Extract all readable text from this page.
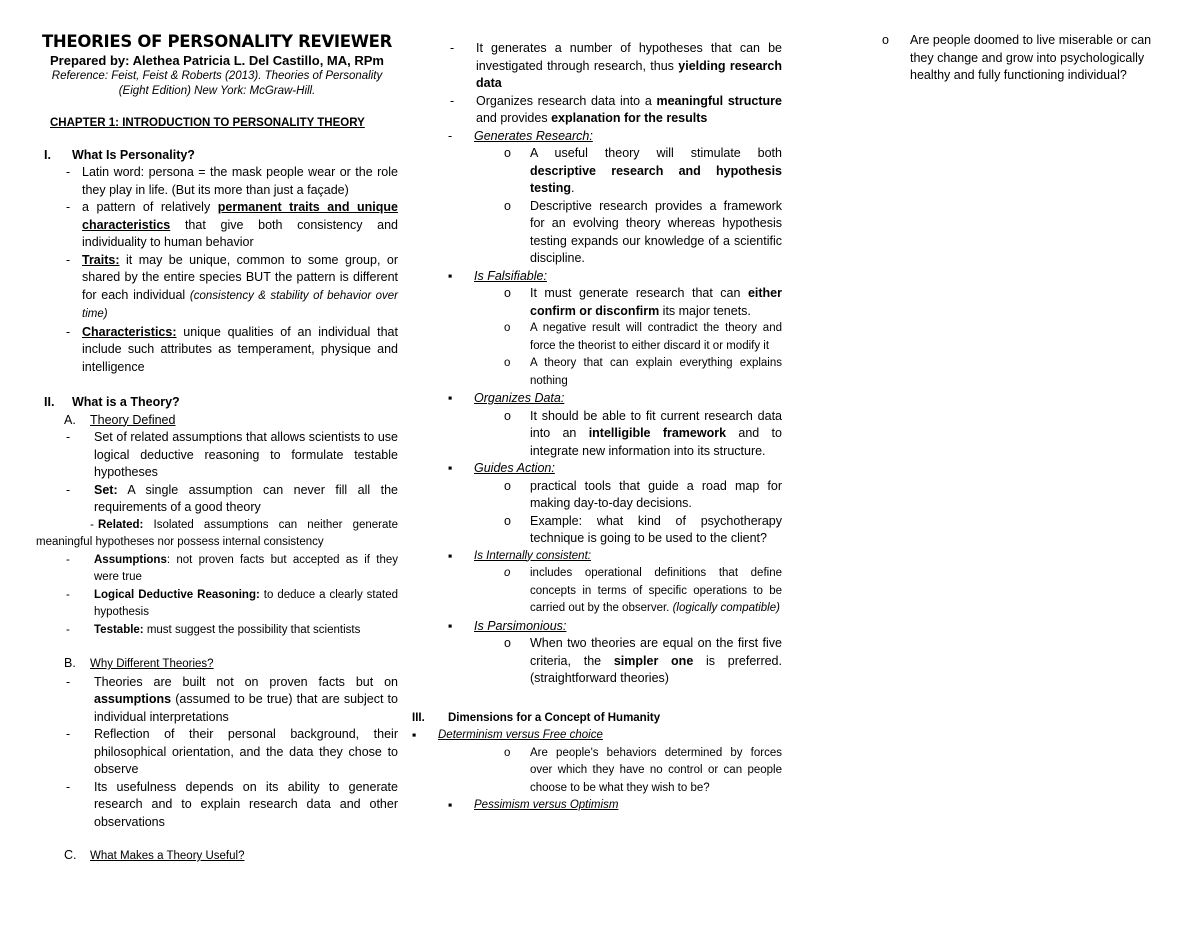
THEORIES OF PERSONALITY REVIEWER
Prepared by: Alethea Patricia L. Del Castillo, MA, RPm
Reference: Feist, Feist & Roberts (2013). Theories of Personality
(Eight Edition) New York: McGraw-Hill.
CHAPTER 1: INTRODUCTION TO PERSONALITY THEORY
I. What Is Personality?
- Latin word: persona = the mask people wear or the role they play in life. (But its more than just a façade)
- a pattern of relatively permanent traits and unique characteristics that give both consistency and individuality to human behavior
- Traits: it may be unique, common to some group, or shared by the entire species BUT the pattern is different for each individual (consistency & stability of behavior over time)
- Characteristics: unique qualities of an individual that include such attributes as temperament, physique and intelligence
II. What is a Theory?
A. Theory Defined
-	Set of related assumptions that allows scientists to use logical deductive reasoning to formulate testable hypotheses
-	Set: A single assumption can never fill all the requirements of a good theory
- Related: Isolated assumptions can neither generate meaningful hypotheses nor possess internal consistency
-	Assumptions: not proven facts but accepted as if they were true
-	Logical Deductive Reasoning: to deduce a clearly stated hypothesis
-	Testable: must suggest the possibility that scientists
B. Why Different Theories?
-	Theories are built not on proven facts but on assumptions (assumed to be true) that are subject to individual interpretations
-	Reflection of their personal background, their philosophical orientation, and the data they chose to observe
-	Its usefulness depends on its ability to generate research and to explain research data and other observations
C. What Makes a Theory Useful?
-	It generates a number of hypotheses that can be investigated through research, thus yielding research data
-	Organizes research data into a meaningful structure and provides explanation for the results
-	Generates Research:
o	A useful theory will stimulate both descriptive research and hypothesis testing.
o	Descriptive research provides a framework for an evolving theory whereas hypothesis testing expands our knowledge of a scientific discipline.
▪	Is Falsifiable:
o	It must generate research that can either confirm or disconfirm its major tenets.
o	A negative result will contradict the theory and force the theorist to either discard it or modify it
o	A theory that can explain everything explains nothing
▪	Organizes Data:
o	It should be able to fit current research data into an intelligible framework and to integrate new information into its structure.
▪	Guides Action:
o	practical tools that guide a road map for making day-to-day decisions.
o	Example: what kind of psychotherapy technique is going to be used to the client?
▪	Is Internally consistent:
o	includes operational definitions that define concepts in terms of specific operations to be carried out by the observer. (logically compatible)
▪	Is Parsimonious:
o	When two theories are equal on the first five criteria, the simpler one is preferred. (straightforward theories)
III. Dimensions for a Concept of Humanity
▪	Determinism versus Free choice
o	Are people's behaviors determined by forces over which they have no control or can people choose to be what they wish to be?
▪	Pessimism versus Optimism
o	Are people doomed to live miserable or can they change and grow into psychologically healthy and fully functioning individual?
